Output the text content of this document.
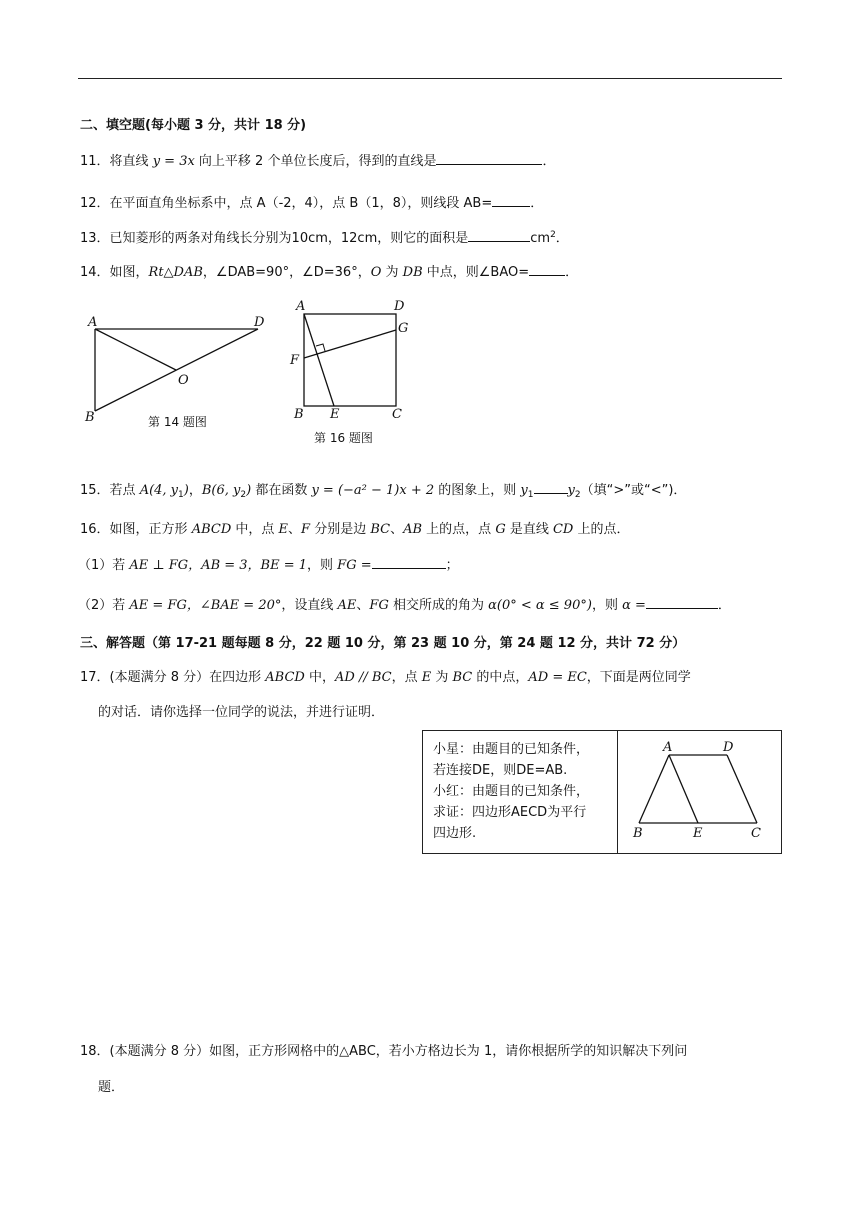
二、填空题(每小题 3 分，共计 18 分)
11．将直线 y = 3x 向上平移 2 个单位长度后，得到的直线是	．
12．在平面直角坐标系中，点 A（-2，4），点 B（1，8），则线段 AB=	．
13．已知菱形的两条对角线长分别为10cm，12cm，则它的面积是	$cm^2$．
14．如图，Rt△DAB，∠DAB=90°，∠D=36°，O 为 DB 中点，则∠BAO=	．
A	D
O
B	第 14 题图
A	D
G
F
B E	C
第 16 题图
15．若点 A(4, $y_1$)，B(6, $y_2$) 都在函数 y = (−a² − 1)x + 2 的图象上，则 $y_1$	$y_2$（填“>”或“<”)．
16．如图，正方形 ABCD 中，点 E、F 分别是边 BC、AB 上的点，点 G 是直线 CD 上的点．
（1）若 AE ⊥ FG，AB = 3，BE = 1，则 FG =	；
（2）若 AE = FG，∠BAE = 20°，设直线 AE、FG 相交所成的角为 α(0° < α ≤ 90°)，则 α =	．
三、解答题（第 17-21 题每题 8 分，22 题 10 分，第 23 题 10 分，第 24 题 12 分，共计 72 分）
17．(本题满分 8 分）在四边形 ABCD 中，AD // BC，点 E 为 BC 的中点，AD = EC，下面是两位同学
的对话．请你选择一位同学的说法，并进行证明．
小星：由题目的已知条件，
若连接DE，则DE=AB.
小红：由题目的已知条件，
求证：四边形AECD为平行
四边形.
A	D
B	E	C
18．(本题满分 8 分）如图，正方形网格中的△ABC，若小方格边长为 1，请你根据所学的知识解决下列问
题．
